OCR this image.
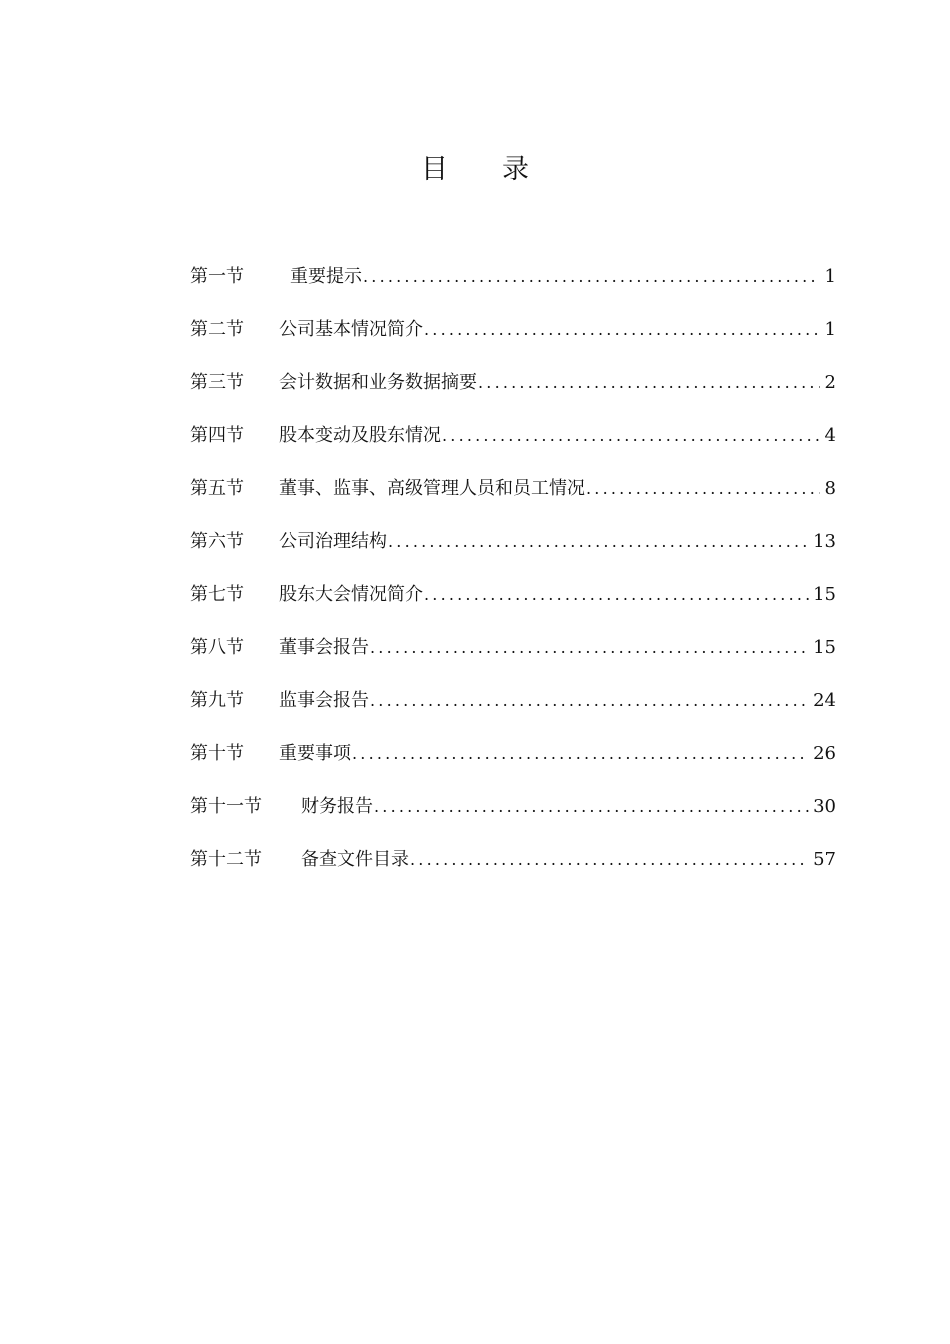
目 录
第一节	重要提示 .....	1
第二节	公司基本情况简介 .....	1
第三节	会计数据和业务数据摘要 .....	2
第四节	股本变动及股东情况 .....	4
第五节	董事、监事、高级管理人员和员工情况 .....	8
第六节	公司治理结构 .....	13
第七节	股东大会情况简介 .....	15
第八节	董事会报告 .....	15
第九节	监事会报告 .....	24
第十节	重要事项 .....	26
第十一节	财务报告 .....	30
第十二节	备查文件目录 .....	57
